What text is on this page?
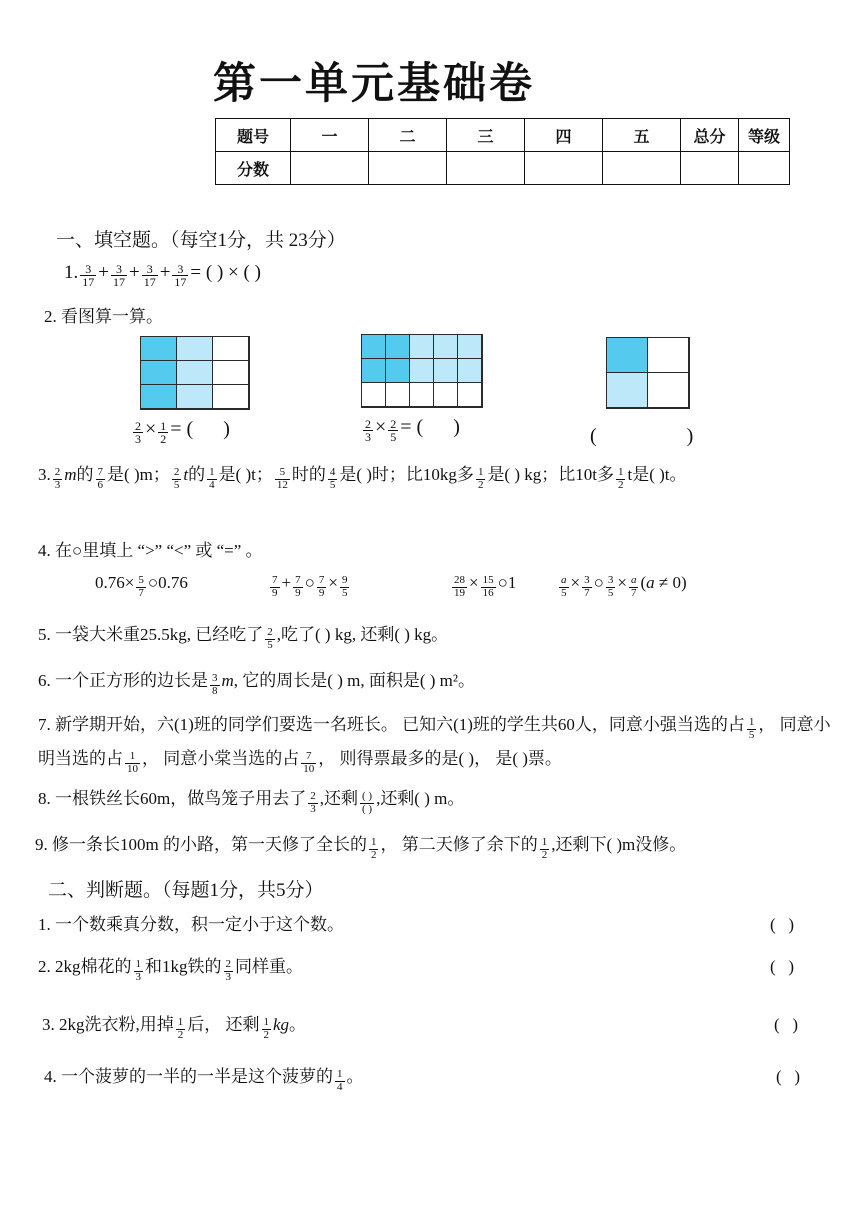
第一单元基础卷
题号	一	二	三	四	五	总分	等级
分数							
一、填空题。（每空1分，共 23分）
1. $\frac{3}{17} + \frac{3}{17} + \frac{3}{17} + \frac{3}{17}$ = ( ) × ( )
2. 看图算一算。
$\frac{2}{3} \times \frac{1}{2}$ = (      )	$\frac{2}{3} \times \frac{2}{5}$ = (      )	(                  )
3. $\frac{2}{3}$ m的 $\frac{7}{6}$ 是( )m； $\frac{2}{5}$ t的 $\frac{1}{4}$ 是( )t； $\frac{5}{12}$ 时的 $\frac{4}{5}$ 是( )时；比10kg多 $\frac{1}{2}$ 是( ) kg；比10t多 $\frac{1}{2}$ t是( )t。
4. 在○里填上 “>” “<” 或 “=” 。
$0.76\times \frac{5}{7}$ ○0.76	$\frac{7}{9} + \frac{7}{9}$ ○ $\frac{7}{9} \times \frac{9}{5}$	$\frac{28}{19} \times \frac{15}{16}$ ○1	$\frac{a}{5} \times \frac{3}{7}$ ○ $\frac{3}{5} \times \frac{a}{7} (a \ne 0)$
5. 一袋大米重25.5kg, 已经吃了 $\frac{2}{5}$ ,吃了( ) kg, 还剩( ) kg。
6. 一个正方形的边长是 $\frac{3}{8} m$, 它的周长是( ) m, 面积是( ) m²。
7. 新学期开始，六(1)班的同学们要选一名班长。 已知六(1)班的学生共60人，同意小强当选的占 $\frac{1}{5}$ ， 同意小明当选的占 $\frac{1}{10}$ ， 同意小棠当选的占 $\frac{7}{10}$ ， 则得票最多的是( )， 是( )票。
8. 一根铁丝长60m，做鸟笼子用去了 $\frac{2}{3}$ ,还剩 $\frac{( )}{( )}$ ,还剩( ) m。
9. 修一条长100m 的小路，第一天修了全长的 $\frac{1}{2}$ ， 第二天修了余下的 $\frac{1}{2}$ ,还剩下( )m没修。
二、判断题。（每题1分，共5分）
1. 一个数乘真分数，积一定小于这个数。	(   )
2. 2kg棉花的 $\frac{1}{3}$ 和1kg铁的 $\frac{2}{3}$ 同样重。	(   )
3. 2kg洗衣粉,用掉 $\frac{1}{2}$ 后， 还剩 $\frac{1}{2}$ kg。	(   )
4. 一个菠萝的一半的一半是这个菠萝的 $\frac{1}{4}$ 。	(   )
